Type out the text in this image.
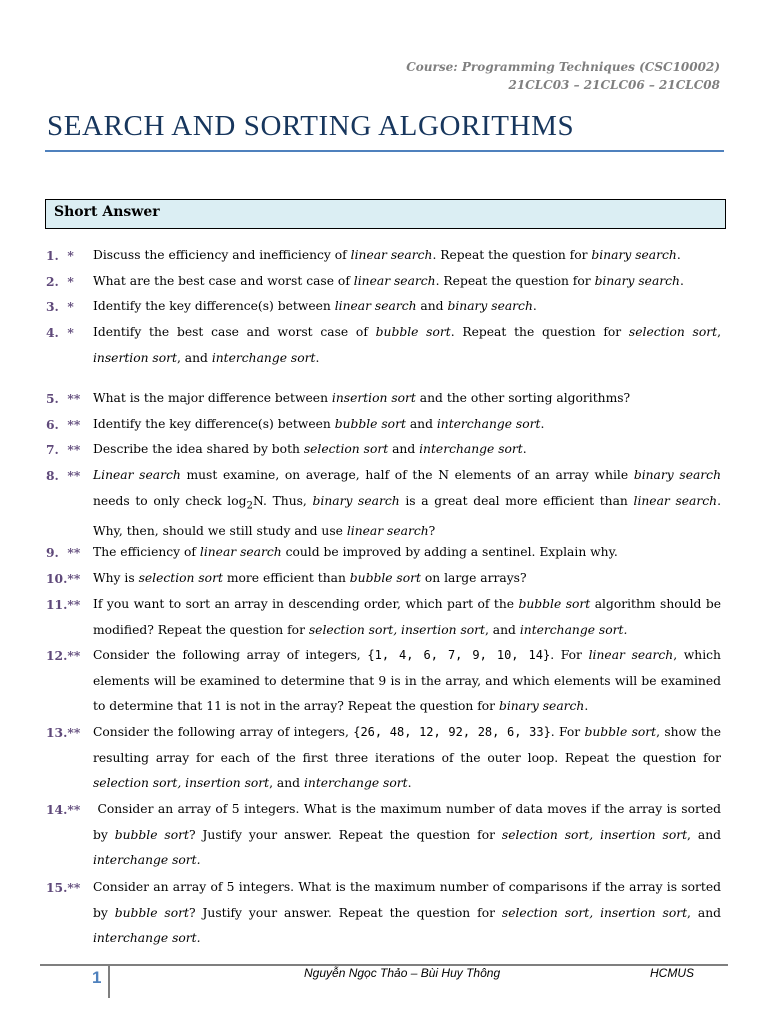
Course: Programming Techniques (CSC10002)
21CLC03 – 21CLC06 – 21CLC08
SEARCH AND SORTING ALGORITHMS
Short Answer
1.  * Discuss the efficiency and inefficiency of linear search. Repeat the question for binary search.
2.  * What are the best case and worst case of linear search. Repeat the question for binary search.
3.  * Identify the key difference(s) between linear search and binary search.
4.  * Identify the best case and worst case of bubble sort. Repeat the question for selection sort, insertion sort, and interchange sort.
5.  ** What is the major difference between insertion sort and the other sorting algorithms?
6.  ** Identify the key difference(s) between bubble sort and interchange sort.
7.  ** Describe the idea shared by both selection sort and interchange sort.
8.  ** Linear search must examine, on average, half of the N elements of an array while binary search needs to only check $\log_2N$. Thus, binary search is a great deal more efficient than linear search. Why, then, should we still study and use linear search?
9.  ** The efficiency of linear search could be improved by adding a sentinel. Explain why.
10.** Why is selection sort more efficient than bubble sort on large arrays?
11.** If you want to sort an array in descending order, which part of the bubble sort algorithm should be modified? Repeat the question for selection sort, insertion sort, and interchange sort.
12.** Consider the following array of integers, {1, 4, 6, 7, 9, 10, 14}. For linear search, which elements will be examined to determine that 9 is in the array, and which elements will be examined to determine that 11 is not in the array? Repeat the question for binary search.
13.** Consider the following array of integers, {26, 48, 12, 92, 28, 6, 33}. For bubble sort, show the resulting array for each of the first three iterations of the outer loop. Repeat the question for selection sort, insertion sort, and interchange sort.
14.** Consider an array of 5 integers. What is the maximum number of data moves if the array is sorted by bubble sort? Justify your answer. Repeat the question for selection sort, insertion sort, and interchange sort.
15.** Consider an array of 5 integers. What is the maximum number of comparisons if the array is sorted by bubble sort? Justify your answer. Repeat the question for selection sort, insertion sort, and interchange sort.
1	Nguyễn Ngọc Thảo – Bùi Huy Thông	HCMUS
